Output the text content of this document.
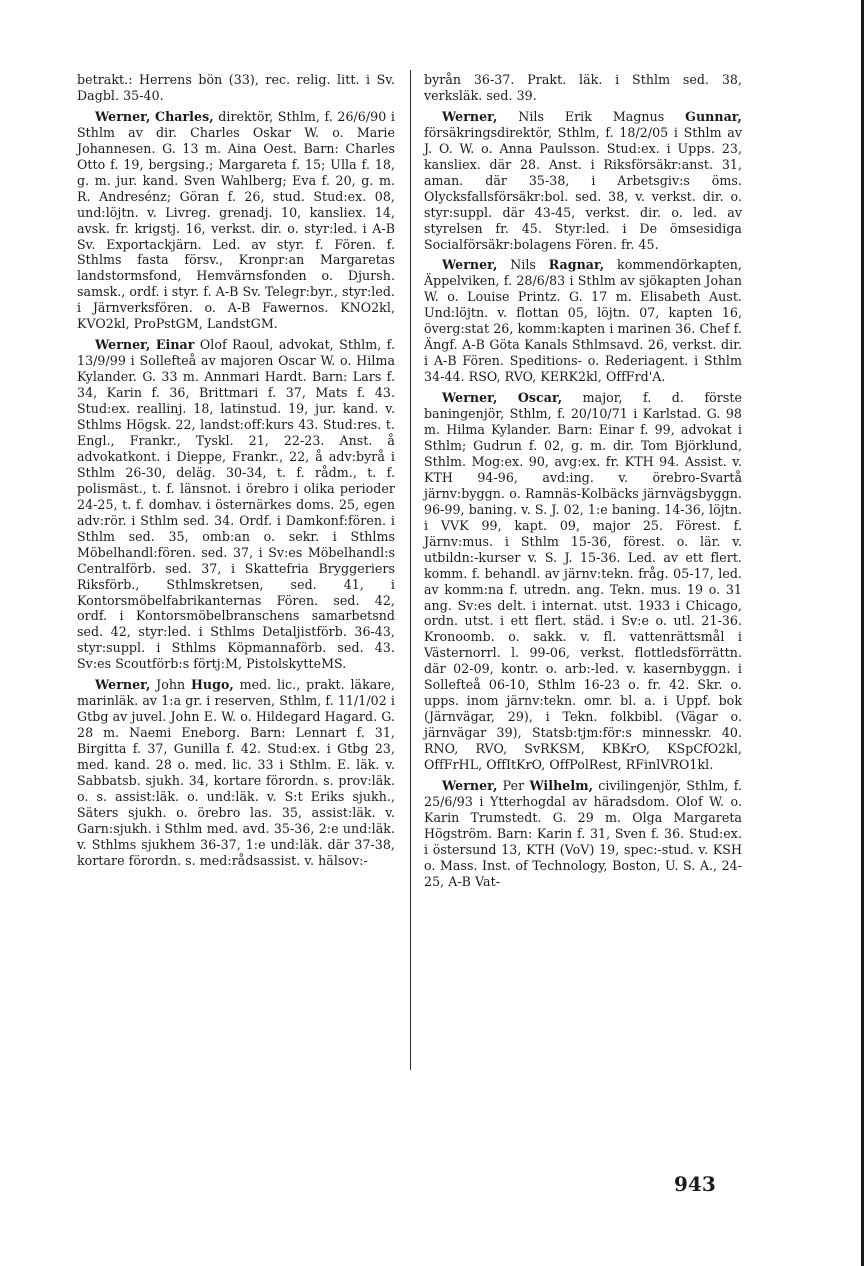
betrakt.: Herrens bön (33), rec. relig. litt. i Sv. Dagbl. 35-40.

Werner, Charles, direktör, Sthlm, f. 26/6/90 i Sthlm av dir. Charles Oskar W. o. Marie Johannesen. G. 13 m. Aina Oest. Barn: Charles Otto f. 19, bergsing.; Margareta f. 15; Ulla f. 18, g. m. jur. kand. Sven Wahlberg; Eva f. 20, g. m. R. Andresénz; Göran f. 26, stud. Stud:ex. 08, und:löjtn. v. Livreg. grenadj. 10, kansliex. 14, avsk. fr. krigstj. 16, verkst. dir. o. styr:led. i A-B Sv. Exportackjärn. Led. av styr. f. Fören. f. Sthlms fasta försv., Kronpr:an Margaretas landstormsfond, Hemvärnsfonden o. Djursh. samsk., ordf. i styr. f. A-B Sv. Telegr:byr., styr:led. i Järnverksfören. o. A-B Fawernos. KNO2kl, KVO2kl, ProPstGM, LandstGM.

Werner, Einar Olof Raoul, advokat, Sthlm, f. 13/9/99 i Sollefteå av majoren Oscar W. o. Hilma Kylander. G. 33 m. Annmari Hardt. Barn: Lars f. 34, Karin f. 36, Brittmari f. 37, Mats f. 43. Stud:ex. reallinj. 18, latinstud. 19, jur. kand. v. Sthlms Högsk. 22, landst:off:kurs 43. Stud:res. t. Engl., Frankr., Tyskl. 21, 22-23. Anst. å advokatkont. i Dieppe, Frankr., 22, å adv:byrå i Sthlm 26-30, deläg. 30-34, t. f. rådm., t. f. polismäst., t. f. länsnot. i örebro i olika perioder 24-25, t. f. domhav. i östernärkes doms. 25, egen adv:rör. i Sthlm sed. 34. Ordf. i Damkonf:fören. i Sthlm sed. 35, omb:an o. sekr. i Sthlms Möbelhandl:fören. sed. 37, i Sv:es Möbelhandl:s Centralförb. sed. 37, i Skattefria Bryggeriers Riksförb., Sthlmskretsen, sed. 41, i Kontorsmöbelfabrikanternas Fören. sed. 42, ordf. i Kontorsmöbelbranschens samarbetsnd sed. 42, styr:led. i Sthlms Detaljistförb. 36-43, styr:suppl. i Sthlms Köpmannaförb. sed. 43. Sv:es Scoutförb:s förtj:M, PistolskytteMS.

Werner, John Hugo, med. lic., prakt. läkare, marinläk. av 1:a gr. i reserven, Sthlm, f. 11/1/02 i Gtbg av juvel. John E. W. o. Hildegard Hagard. G. 28 m. Naemi Eneborg. Barn: Lennart f. 31, Birgitta f. 37, Gunilla f. 42. Stud:ex. i Gtbg 23, med. kand. 28 o. med. lic. 33 i Sthlm. E. läk. v. Sabbatsb. sjukh. 34, kortare förordn. s. prov:läk. o. s. assist:läk. o. und:läk. v. S:t Eriks sjukh., Säters sjukh. o. örebro las. 35, assist:läk. v. Garn:sjukh. i Sthlm med. avd. 35-36, 2:e und:läk. v. Sthlms sjukhem 36-37, 1:e und:läk. där 37-38, kortare förordn. s. med:rådsassist. v. hälsov:-

byrån 36-37. Prakt. läk. i Sthlm sed. 38, verksläk. sed. 39.

Werner, Nils Erik Magnus Gunnar, försäkringsdirektör, Sthlm, f. 18/2/05 i Sthlm av J. O. W. o. Anna Paulsson. Stud:ex. i Upps. 23, kansliex. där 28. Anst. i Riksförsäkr:anst. 31, aman. där 35-38, i Arbetsgiv:s öms. Olycksfallsförsäkr:bol. sed. 38, v. verkst. dir. o. styr:suppl. där 43-45, verkst. dir. o. led. av styrelsen fr. 45. Styr:led. i De ömsesidiga Socialförsäkr:bolagens Fören. fr. 45.

Werner, Nils Ragnar, kommendörkapten, Äppelviken, f. 28/6/83 i Sthlm av sjökapten Johan W. o. Louise Printz. G. 17 m. Elisabeth Aust. Und:löjtn. v. flottan 05, löjtn. 07, kapten 16, överg:stat 26, komm:kapten i marinen 36. Chef f. Ängf. A-B Göta Kanals Sthlmsavd. 26, verkst. dir. i A-B Fören. Speditions- o. Rederiagent. i Sthlm 34-44. RSO, RVO, KERK2kl, OffFrd'A.

Werner, Oscar, major, f. d. förste baningenjör, Sthlm, f. 20/10/71 i Karlstad. G. 98 m. Hilma Kylander. Barn: Einar f. 99, advokat i Sthlm; Gudrun f. 02, g. m. dir. Tom Björklund, Sthlm. Mog:ex. 90, avg:ex. fr. KTH 94. Assist. v. KTH 94-96, avd:ing. v. örebro-Svartå järnv:byggn. o. Ramnäs-Kolbäcks järnvägsbyggn. 96-99, baning. v. S. J. 02, 1:e baning. 14-36, löjtn. i VVK 99, kapt. 09, major 25. Förest. f. Järnv:mus. i Sthlm 15-36, förest. o. lär. v. utbildn:-kurser v. S. J. 15-36. Led. av ett flert. komm. f. behandl. av järnv:tekn. fråg. 05-17, led. av komm:na f. utredn. ang. Tekn. mus. 19 o. 31 ang. Sv:es delt. i internat. utst. 1933 i Chicago, ordn. utst. i ett flert. städ. i Sv:e o. utl. 21-36. Kronoomb. o. sakk. v. fl. vattenrättsmål i Västernorrl. l. 99-06, verkst. flottledsförrättn. där 02-09, kontr. o. arb:-led. v. kasernbyggn. i Sollefteå 06-10, Sthlm 16-23 o. fr. 42. Skr. o. upps. inom järnv:tekn. omr. bl. a. i Uppf. bok (Järnvägar, 29), i Tekn. folkbibl. (Vägar o. järnvägar 39), Statsb:tjm:för:s minnesskr. 40. RNO, RVO, SvRKSM, KBKrO, KSpCfO2kl, OffFrHL, OffItKrO, OffPolRest, RFinlVRO1kl.

Werner, Per Wilhelm, civilingenjör, Sthlm, f. 25/6/93 i Ytterhogdal av häradsdom. Olof W. o. Karin Trumstedt. G. 29 m. Olga Margareta Högström. Barn: Karin f. 31, Sven f. 36. Stud:ex. i östersund 13, KTH (VoV) 19, spec:-stud. v. KSH o. Mass. Inst. of Technology, Boston, U. S. A., 24-25, A-B Vat-

943
